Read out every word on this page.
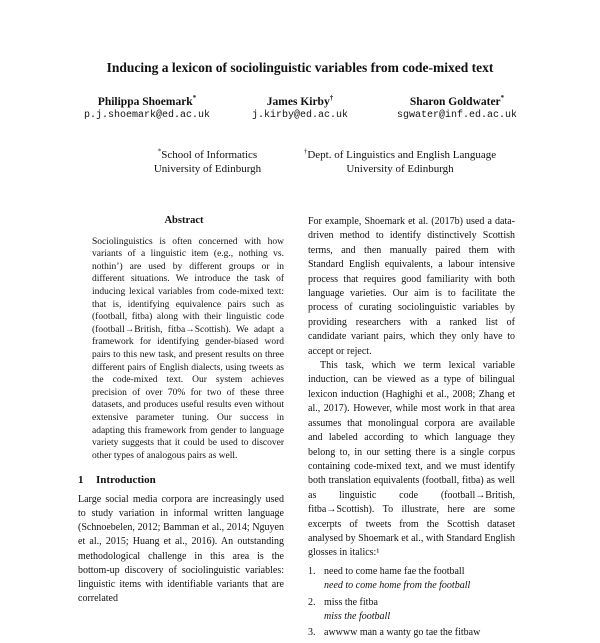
Inducing a lexicon of sociolinguistic variables from code-mixed text
Philippa Shoemark*
p.j.shoemark@ed.ac.uk
James Kirby†
j.kirby@ed.ac.uk
Sharon Goldwater*
sgwater@inf.ed.ac.uk
*School of Informatics
University of Edinburgh
†Dept. of Linguistics and English Language
University of Edinburgh
Abstract

Sociolinguistics is often concerned with how variants of a linguistic item (e.g., nothing vs. nothin’) are used by different groups or in different situations. We introduce the task of inducing lexical variables from code-mixed text: that is, identifying equivalence pairs such as (football, fitba) along with their linguistic code (football→British, fitba→Scottish). We adapt a framework for identifying gender-biased word pairs to this new task, and present results on three different pairs of English dialects, using tweets as the code-mixed text. Our system achieves precision of over 70% for two of these three datasets, and produces useful results even without extensive parameter tuning. Our success in adapting this framework from gender to language variety suggests that it could be used to discover other types of analogous pairs as well.

1	Introduction

Large social media corpora are increasingly used to study variation in informal written language (Schnoebelen, 2012; Bamman et al., 2014; Nguyen et al., 2015; Huang et al., 2016). An outstanding methodological challenge in this area is the bottom-up discovery of sociolinguistic variables: linguistic items with identifiable variants that are correlated

For example, Shoemark et al. (2017b) used a data-driven method to identify distinctively Scottish terms, and then manually paired them with Standard English equivalents, a labour intensive process that requires good familiarity with both language varieties. Our aim is to facilitate the process of curating sociolinguistic variables by providing researchers with a ranked list of candidate variant pairs, which they only have to accept or reject.

This task, which we term lexical variable induction, can be viewed as a type of bilingual lexicon induction (Haghighi et al., 2008; Zhang et al., 2017). However, while most work in that area assumes that monolingual corpora are available and labeled according to which language they belong to, in our setting there is a single corpus containing code-mixed text, and we must identify both translation equivalents (football, fitba) as well as linguistic code (football→British, fitba→Scottish). To illustrate, here are some excerpts of tweets from the Scottish dataset analysed by Shoemark et al., with Standard English glosses in italics:¹

1. need to come hame fae the football
need to come home from the football
2. miss the fitba
miss the football
3. awwww man a wanty go tae the fitbaw
